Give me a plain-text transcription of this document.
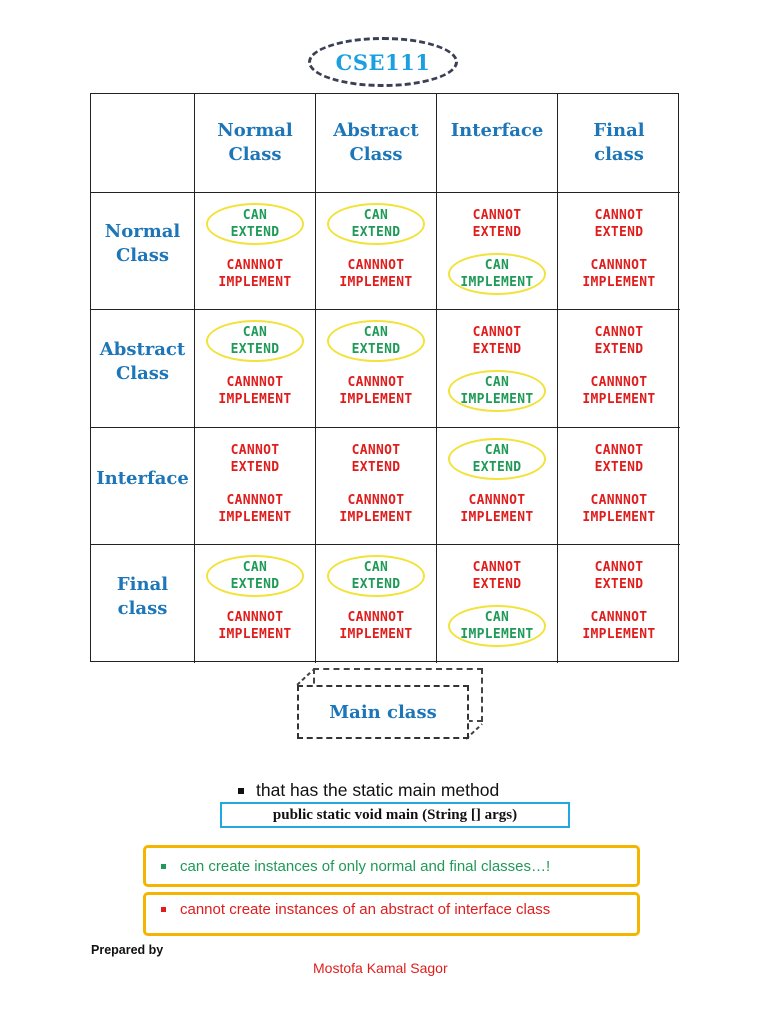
CSE111
Normal
Class
Abstract
Class
Interface	Final
class
Normal
Class
CAN
EXTEND
CANNNOT
IMPLEMENT
CAN
EXTEND
CANNNOT
IMPLEMENT
CANNOT
EXTEND
CAN
IMPLEMENT
CANNOT
EXTEND
CANNNOT
IMPLEMENT
Abstract
Class
CAN
EXTEND
CANNNOT
IMPLEMENT
CAN
EXTEND
CANNNOT
IMPLEMENT
CANNOT
EXTEND
CAN
IMPLEMENT
CANNOT
EXTEND
CANNNOT
IMPLEMENT
Interface
CANNOT
EXTEND
CANNNOT
IMPLEMENT
CANNOT
EXTEND
CANNNOT
IMPLEMENT
CAN
EXTEND
CANNNOT
IMPLEMENT
CANNOT
EXTEND
CANNNOT
IMPLEMENT
Final
class
CAN
EXTEND
CANNNOT
IMPLEMENT
CAN
EXTEND
CANNNOT
IMPLEMENT
CANNOT
EXTEND
CAN
IMPLEMENT
CANNOT
EXTEND
CANNNOT
IMPLEMENT
Main class
that has the static main method
public static void main (String [] args)
can create instances of only normal and final classes…!
cannot create instances of an abstract of interface class
Prepared by
Mostofa Kamal Sagor
